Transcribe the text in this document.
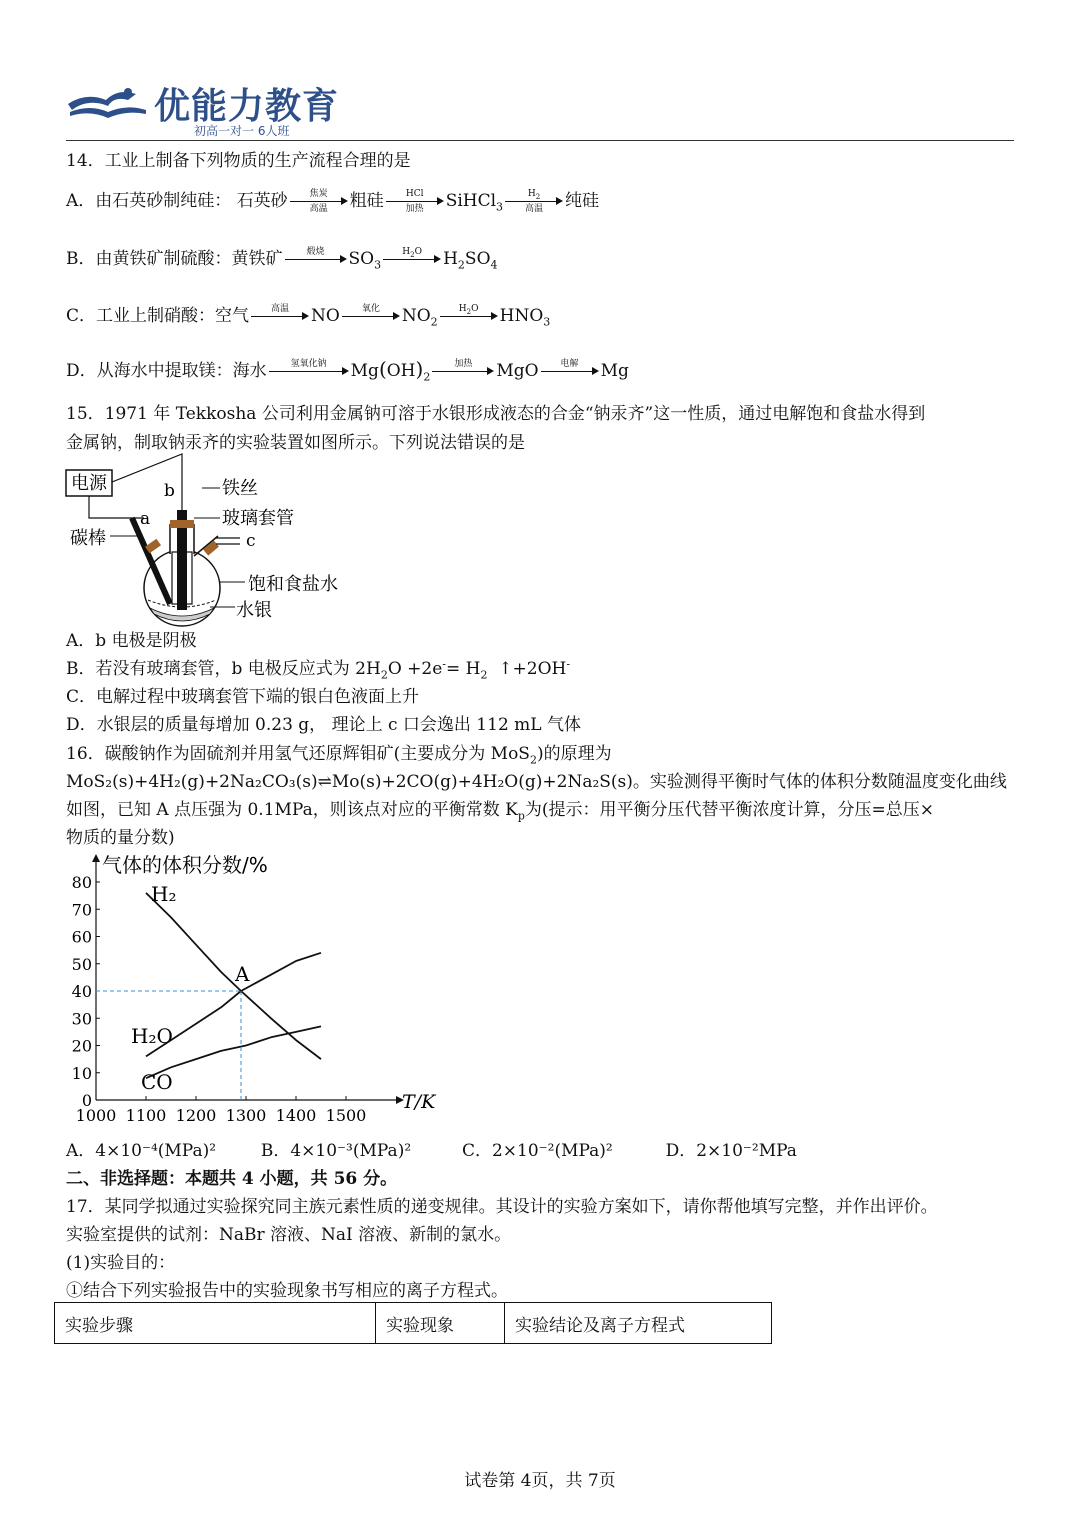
优能力教育
初高一对一 6人班
14．工业上制备下列物质的生产流程合理的是
A．由石英砂制纯硅： 石英砂	焦炭
高温	粗硅	HCl
加热	SiHCl$_3$
$H_2$
高温	纯硅
B．由黄铁矿制硫酸：黄铁矿	煅烧	$SO_3$
$H_2O$	$H_2SO_4$
C．工业上制硝酸：空气	高温	NO	氧化	$NO_2$
$H_2O$	$HNO_3$
D．从海水中提取镁：海水	氢氧化钠	$Mg(OH)_2$
加热	MgO	电解	Mg
15．1971 年 Tekkosha 公司利用金属钠可溶于水银形成液态的合金“钠汞齐”这一性质，通过电解饱和食盐水得到
金属钠，制取钠汞齐的实验装置如图所示。下列说法错误的是
电源
a
b
c
碳棒
铁丝
玻璃套管
饱和食盐水
水银
A．b 电极是阴极
B．若没有玻璃套管，b 电极反应式为 $2H_2O +2e^-= H_2$ ↑+2OH-
C．电解过程中玻璃套管下端的银白色液面上升
D．水银层的质量每增加 0.23 g， 理论上 c 口会逸出 112 mL 气体
16．碳酸钠作为固硫剂并用氢气还原辉钼矿(主要成分为 MoS$_2$)的原理为
MoS₂(s)+4H₂(g)+2Na₂CO₃(s)⇌Mo(s)+2CO(g)+4H₂O(g)+2Na₂S(s)。实验测得平衡时气体的体积分数随温度变化曲线
如图，已知 A 点压强为 0.1MPa，则该点对应的平衡常数 $K_p$为(提示：用平衡分压代替平衡浓度计算，分压=总压×
物质的量分数)
气体的体积分数/%
T/K
0
10
20
30
40
50
60
70
80
1000 1100 1200 1300 1400 1500
H₂
H₂O
CO
A
A．4×10⁻⁴(MPa)²	B．4×10⁻³(MPa)²	C．2×10⁻²(MPa)²	D．2×10⁻²MPa
二、非选择题：本题共 4 小题，共 56 分。
17．某同学拟通过实验探究同主族元素性质的递变规律。其设计的实验方案如下，请你帮他填写完整，并作出评价。
实验室提供的试剂：NaBr 溶液、NaI 溶液、新制的氯水。
(1)实验目的：
①结合下列实验报告中的实验现象书写相应的离子方程式。
实验步骤	实验现象	实验结论及离子方程式
试卷第 4页，共 7页
